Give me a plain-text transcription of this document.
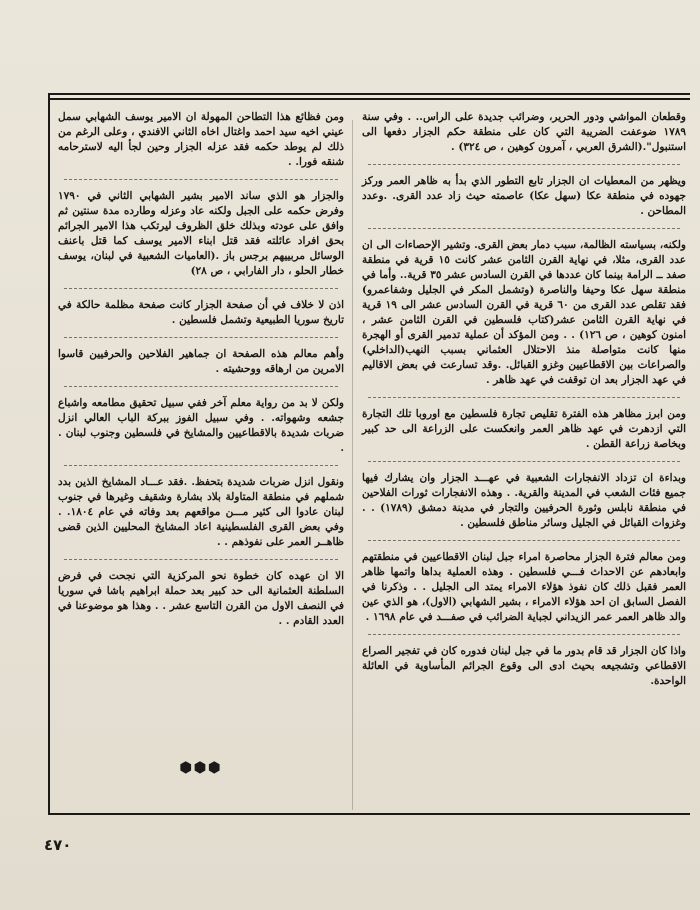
وقطعان المواشي ودور الحرير، وضرائب جديدة على الراس.. . وفي سنة ١٧٨٩ ضوعفت الضريبة التي كان على منطقة حكم الجزار دفعها الى استنبول".(الشرق العربي ، آمرون كوهين ، ص ٣٢٤) .

ويظهر من المعطيات ان الجزار تابع التطور الذي بدأ به ظاهر العمر وركز جهوده في منطقة عكا (سهل عكا) عاصمته حيث زاد عدد القرى. .وعدد المطاحن .

ولكنه، بسياسته الظالمة، سبب دمار بعض القرى. وتشير الإحصاءات الى ان عدد القرى، مثلا، في نهاية القرن الثامن عشر كانت ١٥ قرية في منطقة صفد ــ الرامة بينما كان عددها في القرن السادس عشر ٣٥ قرية.. وأما في منطقة سهل عكا وحيفا والناصرة (وتشمل المكر في الجليل وشفاعمرو) فقد تقلص عدد القرى من ٦٠ قرية في القرن السادس عشر الى ١٩ قرية في نهاية القرن الثامن عشر(كتاب فلسطين في القرن الثامن عشر ، امنون كوهين ، ص ١٢٦) . . ومن المؤكد أن عملية تدمير القرى أو الهجرة منها كانت متواصلة منذ الاحتلال العثماني بسبب النهب(الداخلي) والصراعات بين الاقطاعيين وغزو القبائل. .وقد تسارعت في بعض الاقاليم في عهد الجزار بعد ان توقفت في عهد ظاهر .

ومن ابرز مظاهر هذه الفترة تقليص تجارة فلسطين مع اوروبا تلك التجارة التي ازدهرت في عهد ظاهر العمر وانعكست على الزراعة الى حد كبير وبخاصة زراعة القطن .

وبداءة ان تزداد الانفجارات الشعبية في عهـــد الجزار وان يشارك فيها جميع فئات الشعب في المدينة والقرية. . وهذه الانفجارات ثورات الفلاحين في منطقة نابلس وثورة الحرفيين والتجار في مدينة دمشق (١٧٨٩) . . وغزوات القبائل في الجليل وسائر مناطق فلسطين .

ومن معالم فترة الجزار محاصرة امراء جبل لبنان الاقطاعيين في منطقتهم وابعادهم عن الاحداث فـــي فلسطين . وهذه العملية بداها واتمها ظاهر العمر فقبل ذلك كان نفوذ هؤلاء الامراء يمتد الى الجليل . . وذكرنا في الفصل السابق ان احد هؤلاء الامراء ، بشير الشهابي (الاول)، هو الذي عين والد ظاهر العمر عمر الزيداني لجباية الضرائب في صفـــد في عام ١٦٩٨ .

واذا كان الجزار قد قام بدور ما في جبل لبنان فدوره كان في تفجير الصراع الاقطاعي وتشجيعه بحيث ادى الى وقوع الجرائم المأساوية في العائلة الواحدة.

ومن فظائع هذا التطاحن المهولة ان الامير يوسف الشهابي سمل عيني اخيه سيد احمد واغتال اخاه الثاني الافندي ، وعلى الرغم من ذلك لم يوطد حكمه فقد عزله الجزار وحين لجأ اليه لاسترحامه شنقه فورا. .

والجزار هو الذي ساند الامير بشير الشهابي الثاني في ١٧٩٠ وفرض حكمه على الجبل ولكنه عاد وعزله وطارده مدة سنتين ثم وافق على عودته وبذلك خلق الظروف ليرتكب هذا الامير الجرائم بحق افراد عائلته فقد قتل ابناء الامير يوسف كما قتل باعنف الوسائل مربييهم برجس باز .(العاميات الشعبية في لبنان، يوسف خطار الحلو ، دار الفارابي ، ص ٢٨)

اذن لا خلاف في أن صفحة الجزار كانت صفحة مظلمة حالكة في تاريخ سوريا الطبيعية وتشمل فلسطين .

وأهم معالم هذه الصفحة ان جماهير الفلاحين والحرفيين قاسوا الامرين من ارهاقه ووحشيته .

ولكن لا بد من رواية معلم آخر ففي سبيل تحقيق مطامعه واشباع جشعه وشهواته. . وفي سبيل الفوز ببركة الباب العالي انزل ضربات شديدة بالاقطاعيين والمشايخ في فلسطين وجنوب لبنان . .

ونقول انزل ضربات شديدة بتحفظ. .فقد عـــاد المشايخ الذين بدد شملهم في منطقة المتاولة بلاد بشارة وشقيف وغيرها في جنوب لبنان عادوا الى كثير مـــن مواقعهم بعد وفاته في عام ١٨٠٤. . وفي بعض القرى الفلسطينية اعاد المشايخ المحليين الذين قضى ظاهــر العمر على نفوذهم . .

الا ان عهده كان خطوة نحو المركزية التي نجحت في فرض السلطنة العثمانية الى حد كبير بعد حملة ابراهيم باشا في سوريا في النصف الاول من القرن التاسع عشر . . وهذا هو موضوعنا في العدد القادم . .

⬢⬢⬢
٤٧٠
